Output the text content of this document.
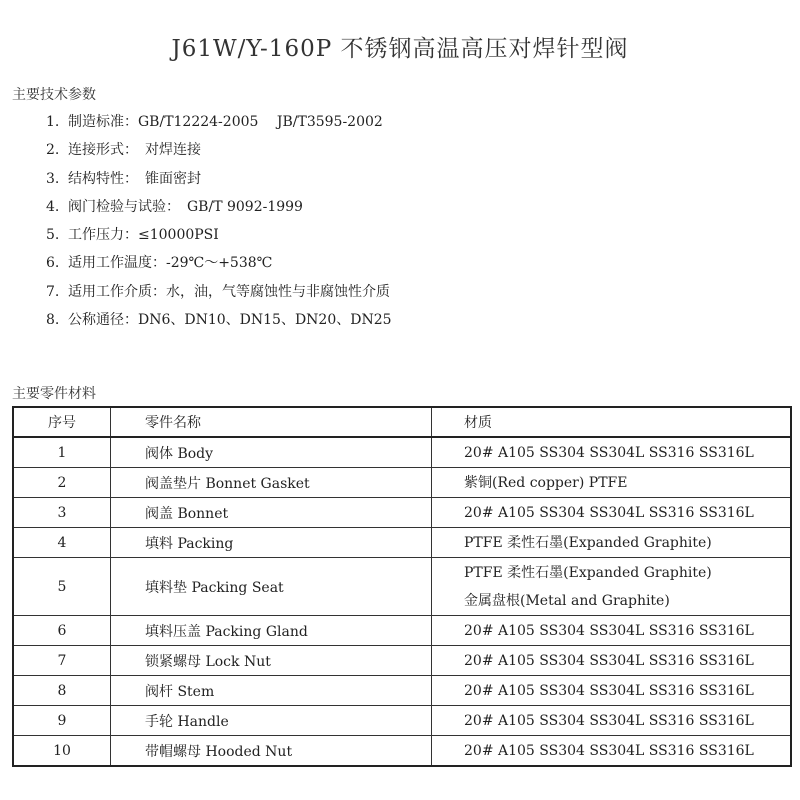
J61W/Y-160P 不锈钢高温高压对焊针型阀
主要技术参数
1. 制造标准：GB/T12224-2005　 JB/T3595-2002
2. 连接形式：　对焊连接
3. 结构特性：　锥面密封
4. 阀门检验与试验：　GB/T 9092-1999
5. 工作压力：≤10000PSI
6. 适用工作温度：-29℃～+538℃
7. 适用工作介质：水，油，气等腐蚀性与非腐蚀性介质
8. 公称通径：DN6、DN10、DN15、DN20、DN25
主要零件材料
序号	零件名称	材质
1	阀体 Body	20# A105 SS304 SS304L SS316 SS316L

2	阀盖垫片 Bonnet Gasket	紫铜(Red copper) PTFE

3	阀盖 Bonnet	20# A105 SS304 SS304L SS316 SS316L

4	填料 Packing	PTFE 柔性石墨(Expanded Graphite)

5	填料垫 Packing Seat	PTFE 柔性石墨(Expanded Graphite)
金属盘根(Metal and Graphite)

6	填料压盖 Packing Gland	20# A105 SS304 SS304L SS316 SS316L

7	锁紧螺母 Lock Nut	20# A105 SS304 SS304L SS316 SS316L

8	阀杆 Stem	20# A105 SS304 SS304L SS316 SS316L

9	手轮 Handle	20# A105 SS304 SS304L SS316 SS316L

10	带帽螺母 Hooded Nut	20# A105 SS304 SS304L SS316 SS316L
